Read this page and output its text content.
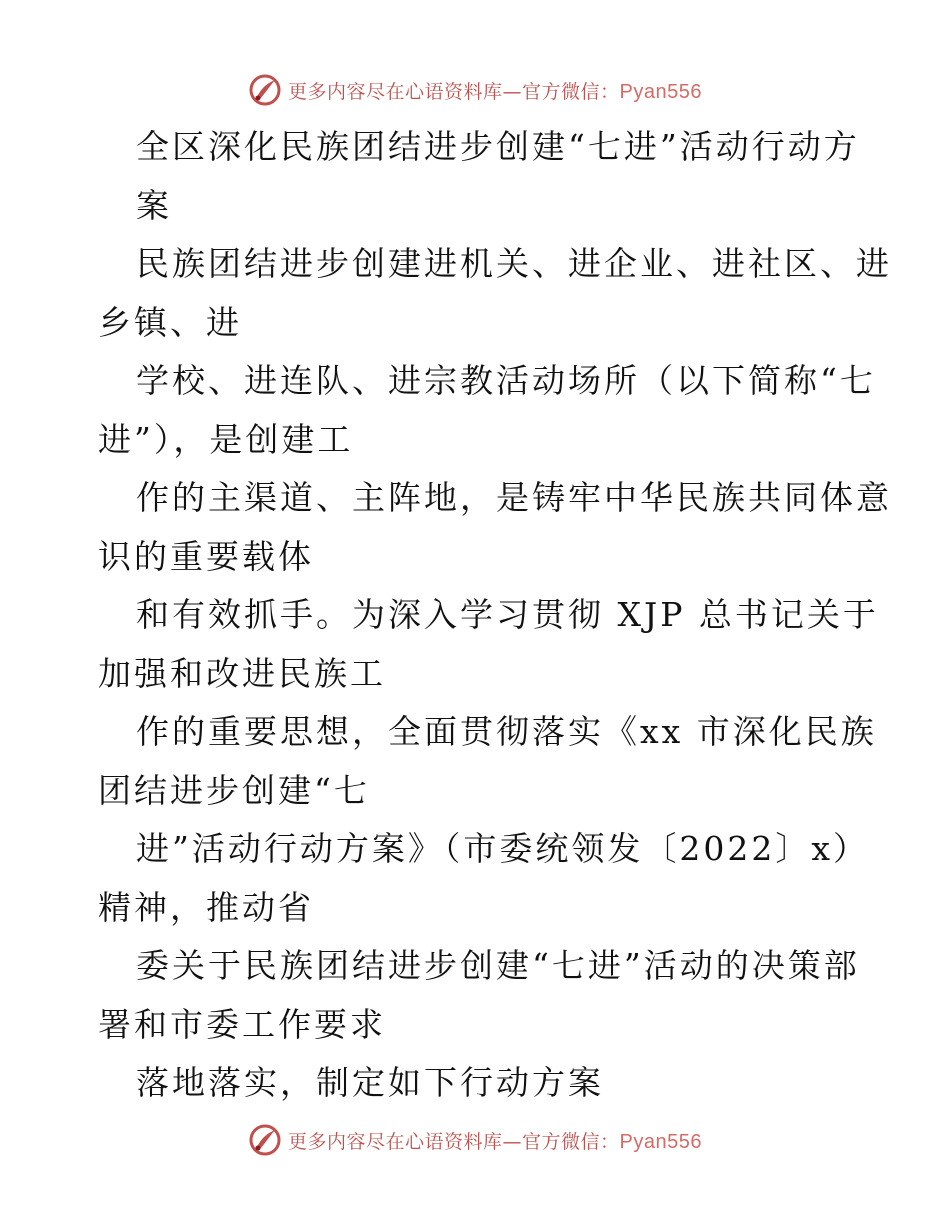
更多内容尽在心语资料库—官方微信：Pyan556
全区深化民族团结进步创建“七进”活动行动方
案
民族团结进步创建进机关、进企业、进社区、进
乡镇、进
学校、进连队、进宗教活动场所（以下简称“七
进”），是创建工
作的主渠道、主阵地，是铸牢中华民族共同体意
识的重要载体
和有效抓手。为深入学习贯彻 XJP 总书记关于
加强和改进民族工
作的重要思想，全面贯彻落实《xx 市深化民族
团结进步创建“七
进”活动行动方案》（市委统领发〔2022〕x）
精神，推动省
委关于民族团结进步创建“七进”活动的决策部
署和市委工作要求
落地落实，制定如下行动方案
更多内容尽在心语资料库—官方微信：Pyan556
